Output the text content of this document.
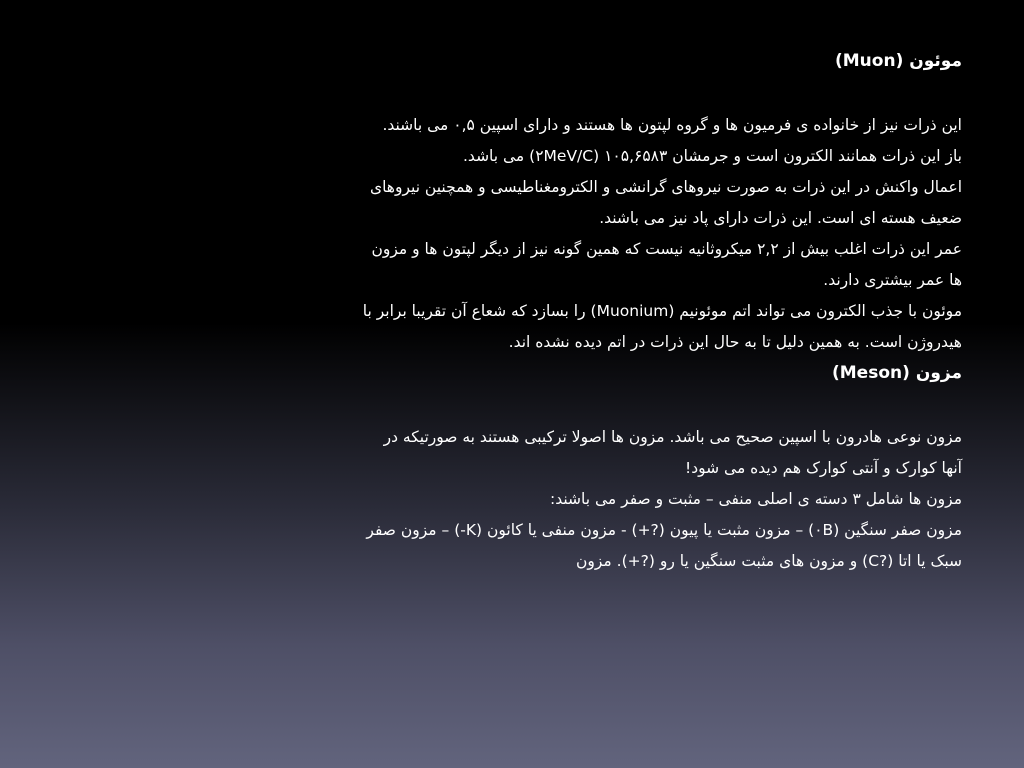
موئون (Muon)

این ذرات نیز از خانواده ی فرمیون ها و گروه لپتون ها هستند و دارای اسپین ۰,۵ می باشند.

باز این ذرات همانند الکترون است و جرمشان ۱۰۵,۶۵۸۳ (۲MeV/C) می باشد.

اعمال واکنش در این ذرات به صورت نیروهای گرانشی و الکترومغناطیسی و همچنین نیروهای ضعیف هسته ای است. این ذرات دارای پاد نیز می باشند.

عمر این ذرات اغلب بیش از ۲,۲ میکروثانیه نیست که همین گونه نیز از دیگر لپتون ها و مزون ها عمر بیشتری دارند.

موئون با جذب الکترون می تواند اتم موئونیم (Muonium) را بسازد که شعاع آن تقریبا برابر با هیدروژن است. به همین دلیل تا به حال این ذرات در اتم دیده نشده اند.

مزون (Meson)

مزون نوعی هادرون با اسپین صحیح می باشد. مزون ها اصولا ترکیبی هستند به صورتیکه در آنها کوارک و آنتی کوارک هم دیده می شود!

مزون ها شامل ۳ دسته ی اصلی منفی – مثبت و صفر می باشند:

مزون صفر سنگین (۰B) – مزون مثبت یا پیون (?+) - مزون منفی یا کائون (K-) – مزون صفر سبک یا اتا (?C) و مزون های مثبت سنگین یا رو (?+). مزون
